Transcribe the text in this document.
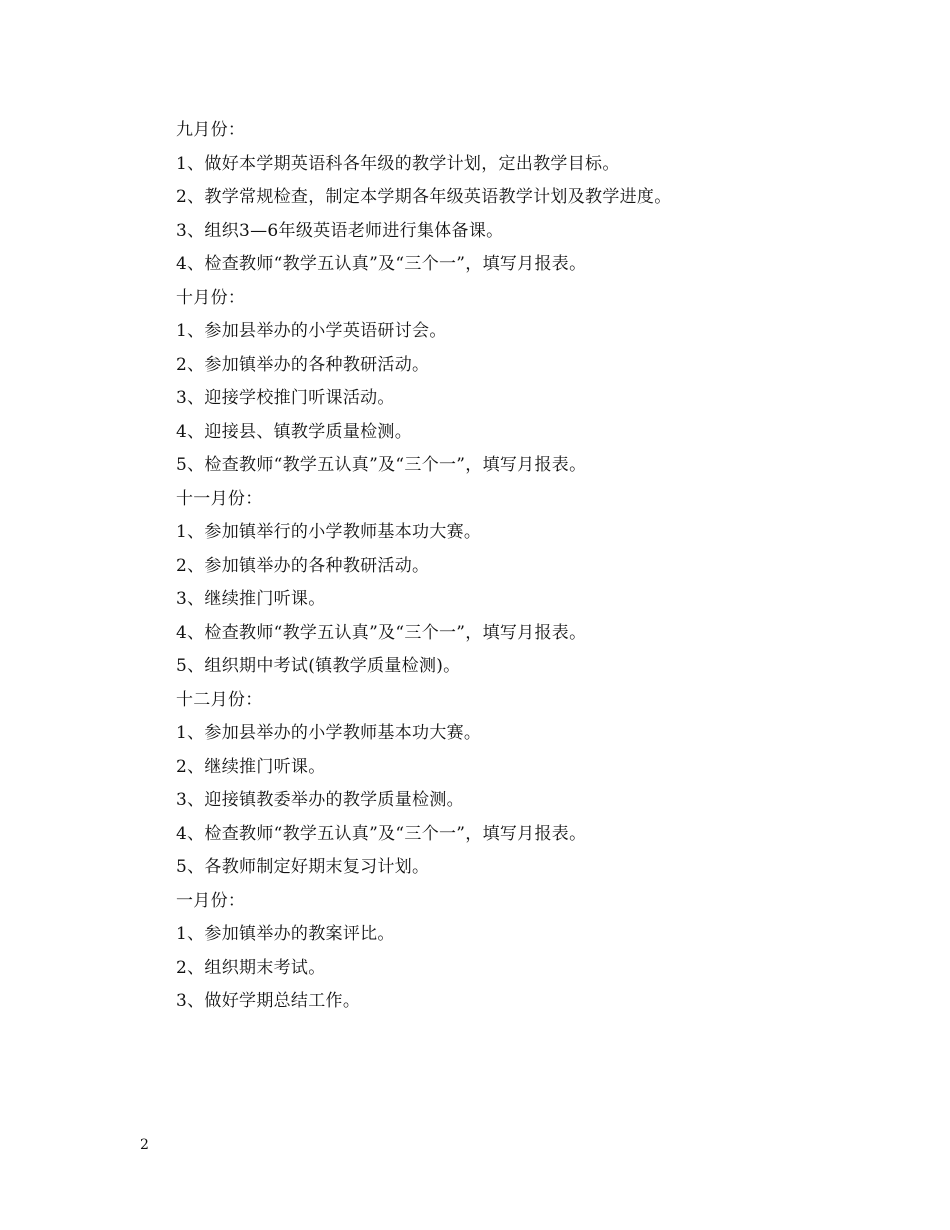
九月份：
1、做好本学期英语科各年级的教学计划，定出教学目标。
2、教学常规检查，制定本学期各年级英语教学计划及教学进度。
3、组织3—6年级英语老师进行集体备课。
4、检查教师“教学五认真”及“三个一”，填写月报表。
十月份：
1、参加县举办的小学英语研讨会。
2、参加镇举办的各种教研活动。
3、迎接学校推门听课活动。
4、迎接县、镇教学质量检测。
5、检查教师“教学五认真”及“三个一”，填写月报表。
十一月份：
1、参加镇举行的小学教师基本功大赛。
2、参加镇举办的各种教研活动。
3、继续推门听课。
4、检查教师“教学五认真”及“三个一”，填写月报表。
5、组织期中考试(镇教学质量检测)。
十二月份：
1、参加县举办的小学教师基本功大赛。
2、继续推门听课。
3、迎接镇教委举办的教学质量检测。
4、检查教师“教学五认真”及“三个一”，填写月报表。
5、各教师制定好期末复习计划。
一月份：
1、参加镇举办的教案评比。
2、组织期末考试。
3、做好学期总结工作。
2
